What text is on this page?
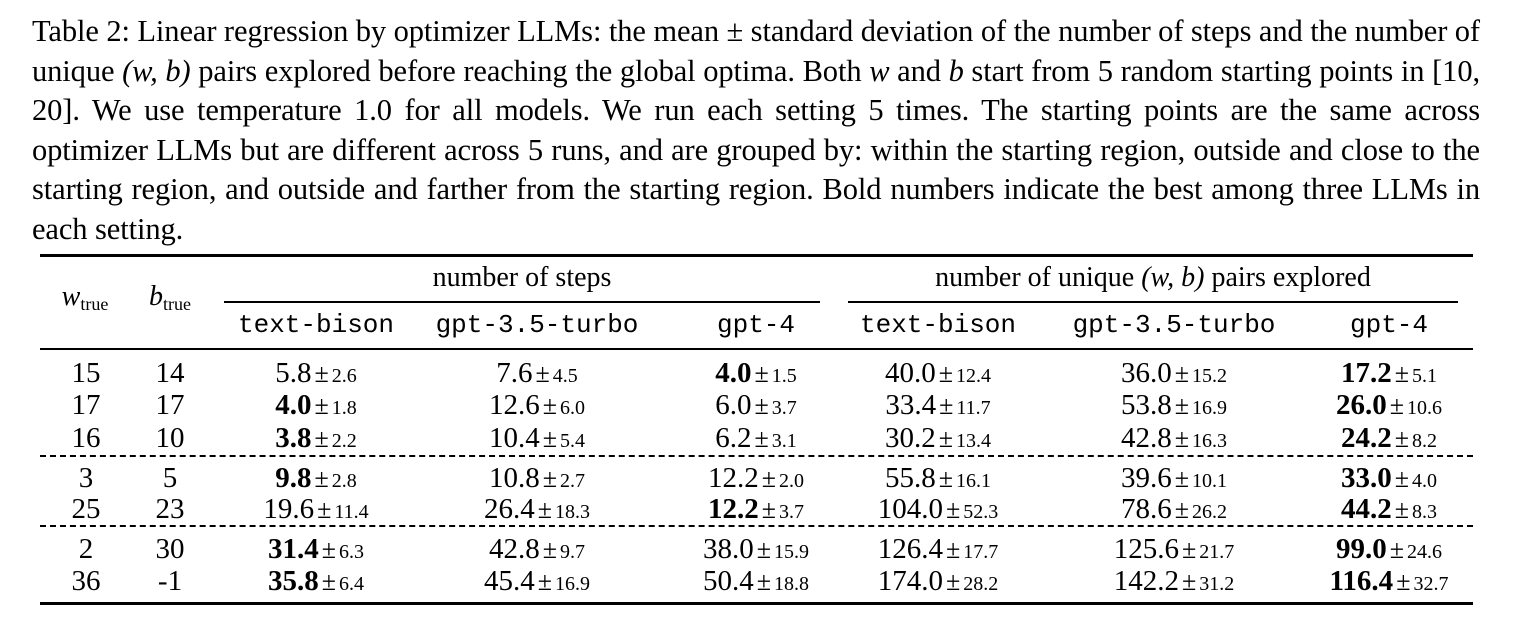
Table 2: Linear regression by optimizer LLMs: the mean ± standard deviation of the number of steps and the number of unique (w, b) pairs explored before reaching the global optima. Both w and b start from 5 random starting points in [10, 20]. We use temperature 1.0 for all models. We run each setting 5 times. The starting points are the same across optimizer LLMs but are different across 5 runs, and are grouped by: within the starting region, outside and close to the starting region, and outside and farther from the starting region. Bold numbers indicate the best among three LLMs in each setting.

$w_{true}$	$b_{true}$
number of steps	number of unique (w, b) pairs explored
text-bison	gpt-3.5-turbo	gpt-4	text-bison	gpt-3.5-turbo	gpt-4
15	14	5.8 ± 2.6	7.6 ± 4.5	4.0 ± 1.5	40.0 ± 12.4	36.0 ± 15.2	17.2 ± 5.1
17	17	4.0 ± 1.8	12.6 ± 6.0	6.0 ± 3.7	33.4 ± 11.7	53.8 ± 16.9	26.0 ± 10.6
16	10	3.8 ± 2.2	10.4 ± 5.4	6.2 ± 3.1	30.2 ± 13.4	42.8 ± 16.3	24.2 ± 8.2
3	5	9.8 ± 2.8	10.8 ± 2.7	12.2 ± 2.0	55.8 ± 16.1	39.6 ± 10.1	33.0 ± 4.0
25	23	19.6 ± 11.4	26.4 ± 18.3	12.2 ± 3.7	104.0 ± 52.3	78.6 ± 26.2	44.2 ± 8.3
2	30	31.4 ± 6.3	42.8 ± 9.7	38.0 ± 15.9	126.4 ± 17.7	125.6 ± 21.7	99.0 ± 24.6
36	-1	35.8 ± 6.4	45.4 ± 16.9	50.4 ± 18.8	174.0 ± 28.2	142.2 ± 31.2	116.4 ± 32.7
